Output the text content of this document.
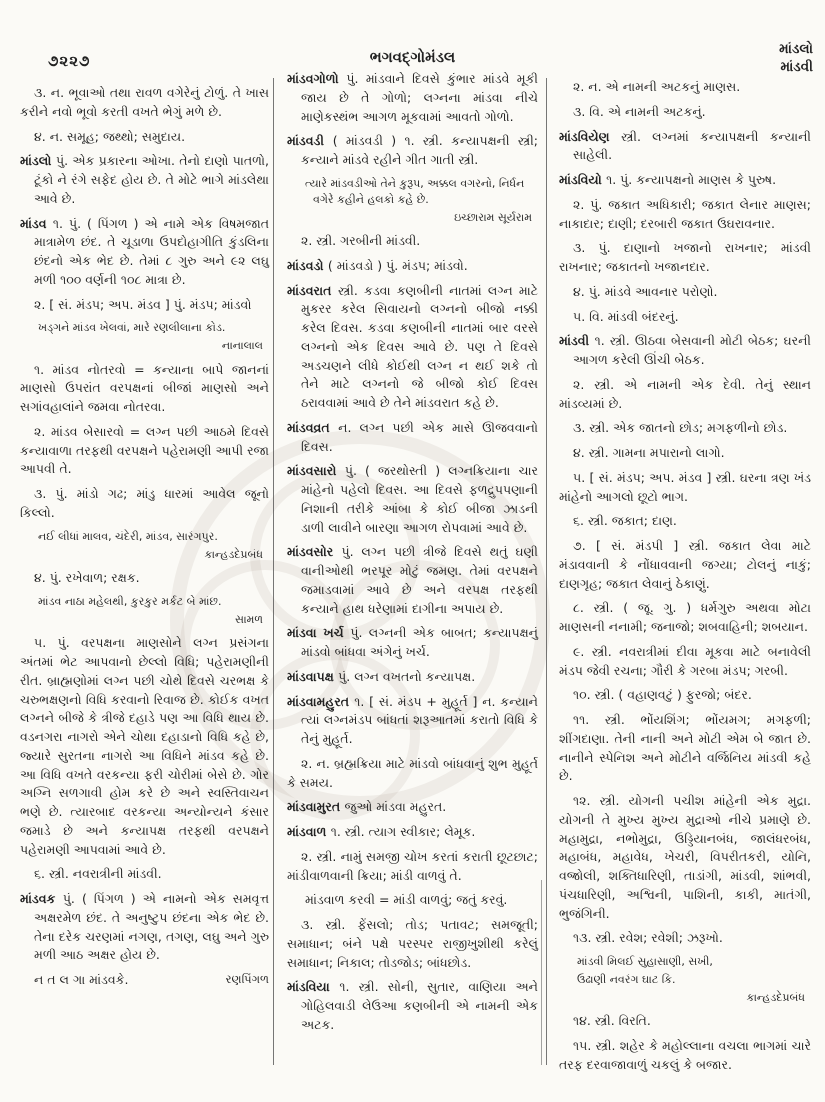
૭૨૨૭	ભગવદ્ગોમંડલ	માંડલો
માંડવી

૩. ન. ભૂવાઓ તથા રાવળ વગેરેનું ટોળું. તે ખાસ કરીને નવો ભૂવો કરતી વખતે ભેગું મળે છે.

૪. ન. સમૂહ; જથ્થો; સમુદાય.

માંડલો પું. એક પ્રકારના ઓખા. તેનો દાણો પાતળો, ટૂંકો ને રંગે સફેદ હોય છે. તે મોટે ભાગે માંડલેથા આવે છે.

માંડવ ૧. પું. ( પિંગળ ) એ નામે એક વિષમજાત માત્રામેળ છંદ. તે ચૂડાળા ઉપદોહાગીતિ કુંડલિના છંદનો એક ભેદ છે. તેમાં ૮ ગુરુ અને ૯૨ લઘુ મળી ૧૦૦ વર્ણની ૧૦૮ માત્રા છે.

૨. [ સં. મંડપ; અપ. મંડવ ] પું. મંડપ; માંડવો

ખડ્ગને માંડવ ખેલવાં, મારે રણલીલાના કોડ.

નાનાલાલ

૧. માંડવ નોતરવો = કન્યાના બાપે જાનનાં માણસો ઉપરાંત વરપક્ષનાં બીજાં માણસો અને સગાંવહાલાંને જમવા નોતરવા.

૨. માંડવ બેસારવો = લગ્ન પછી આઠમે દિવસે કન્યાવાળા તરફથી વરપક્ષને પહેરામણી આપી રજા આપવી તે.

૩. પું. માંડો ગઢ; માંડુ ધારમાં આવેલ જૂનો કિલ્લો.

નઈ લીધાં માલવ, ચંદેરી, માંડવ, સારંગપુર.

કાન્હડદેપ્રબંધ

૪. પું. રખેવાળ; રક્ષક.

માંડવ નાઠા મહેલથી, કુરકુર મર્કટ બે માંછ.

સામળ

૫. પું. વરપક્ષના માણસોને લગ્ન પ્રસંગના અંતમાં ભેટ આપવાનો છેલ્લો વિધિ; પહેરામણીની રીત. બ્રાહ્મણોમાં લગ્ન પછી ચોથે દિવસે ચરભક્ષ કે ચરુભક્ષણનો વિધિ કરવાનો રિવાજ છે. કોઈક વખત લગ્નને બીજે કે ત્રીજે દહાડે પણ આ વિધિ થાય છે. વડનગરા નાગરો એને ચોથા દહાડાનો વિધિ કહે છે, જ્યારે સુરતના નાગરો આ વિધિને માંડવ કહે છે. આ વિધિ વખતે વરકન્યા ફરી ચોરીમાં બેસે છે. ગોર અગ્નિ સળગાવી હોમ કરે છે અને સ્વસ્તિવાચન ભણે છે. ત્યારબાદ વરકન્યા અન્યોન્યને કંસાર જમાડે છે અને કન્યાપક્ષ તરફથી વરપક્ષને પહેરામણી આપવામાં આવે છે.

૬. સ્ત્રી. નવરાત્રીની માંડવી.

માંડવક પું. ( પિંગળ ) એ નામનો એક સમવૃત્ત અક્ષરમેળ છંદ. તે અનુષ્ટુપ છંદના એક ભેદ છે. તેના દરેક ચરણમાં નગણ, તગણ, લઘુ અને ગુરુ મળી આઠ અક્ષર હોય છે.

ન ત લ ગા માંડવકે.	રણપિંગળ

માંડવગોળો પું. માંડવાને દિવસે કુંભાર માંડવે મૂકી જાય છે તે ગોળો; લગ્નના માંડવા નીચે માણેકસ્થંભ આગળ મૂકવામાં આવતો ગોળો.

માંડવડી ( માંડવડી ) ૧. સ્ત્રી. કન્યાપક્ષની સ્ત્રી; કન્યાને માંડવે રહીને ગીત ગાતી સ્ત્રી.

ત્યારે માંડવડીઓ તેને કુરૂપ, અક્કલ વગરનો, નિર્ધન વગેરે કહીને હલકો કહે છે.

ઇચ્છારામ સૂર્યરામ

૨. સ્ત્રી. ગરબીની માંડવી.

માંડવડો ( માંડવડો ) પું. મંડપ; માંડવો.

માંડવરાત સ્ત્રી. કડવા કણબીની નાતમાં લગ્ન માટે મુકરર કરેલ સિવાયનો લગ્નનો બીજો નક્કી કરેલ દિવસ. કડવા કણબીની નાતમાં બાર વરસે લગ્નનો એક દિવસ આવે છે. પણ તે દિવસે અડચણને લીધે કોઈથી લગ્ન ન થઈ શકે તો તેને માટે લગ્નનો જે બીજો કોઈ દિવસ ઠરાવવામાં આવે છે તેને માંડવરાત કહે છે.

માંડવવ્રત ન. લગ્ન પછી એક માસે ઊજવવાનો દિવસ.

માંડવસારો પું. ( જરથોસ્તી ) લગ્નક્રિયાના ચાર માંહેનો પહેલો દિવસ. આ દિવસે ફળદ્રુપપણાની નિશાની તરીકે આંબા કે કોઈ બીજા ઝાડની ડાળી લાવીને બારણા આગળ રોપવામાં આવે છે.

માંડવસોર પું. લગ્ન પછી ત્રીજે દિવસે થતું ઘણી વાનીઓથી ભરપૂર મોટું જમણ. તેમાં વરપક્ષને જમાડવામાં આવે છે અને વરપક્ષ તરફથી કન્યાને હાથ ધરેણામાં દાગીના અપાય છે.

માંડવા ખર્ચ પું. લગ્નની એક બાબત; કન્યાપક્ષનું માંડવો બાંધવા અંગેનું ખર્ચ.

માંડવાપક્ષ પું. લગ્ન વખતનો કન્યાપક્ષ.

માંડવામહુરત ૧. [ સં. મંડપ + મુહૂર્ત ] ન. કન્યાને ત્યાં લગ્નમંડપ બાંધતાં શરૂઆતમાં કરાતો વિધિ કે તેનું મુહૂર્ત.

૨. ન. બ્રહ્મક્રિયા માટે માંડવો બાંધવાનું શુભ મુહૂર્ત કે સમય.

માંડવામુરત જુઓ માંડવા મહુરત.

માંડવાળ ૧. સ્ત્રી. ત્યાગ સ્વીકાર; લેમૂક.

૨. સ્ત્રી. નામું સમજી ચોખ કરતાં કરાતી છૂટછાટ; માંડીવાળવાની ક્રિયા; માંડી વાળવું તે.

માંડવાળ કરવી = માંડી વાળવું; જતું કરવું.

૩. સ્ત્રી. ફેંસલો; તોડ; પતાવટ; સમજૂતી; સમાધાન; બંને પક્ષે પરસ્પર રાજીખુશીથી કરેલું સમાધાન; નિકાલ; તોડજોડ; બાંધછોડ.

માંડવિયા ૧. સ્ત્રી. સોની, સુતાર, વાણિયા અને ગોહિલવાડી લેઉઆ કણબીની એ નામની એક અટક.

૨. ન. એ નામની અટકનું માણસ.

૩. વિ. એ નામની અટકનું.

માંડવિયેણ સ્ત્રી. લગ્નમાં કન્યાપક્ષની કન્યાની સાહેલી.

માંડવિયો ૧. પું. કન્યાપક્ષનો માણસ કે પુરુષ.

૨. પું. જકાત અધિકારી; જકાત લેનાર માણસ; નાકાદાર; દાણી; દરબારી જકાત ઉઘરાવનાર.

૩. પું. દાણાનો ખજાનો રાખનાર; માંડવી રાખનાર; જકાતનો ખજાનદાર.

૪. પું. માંડવે આવનાર પરોણો.

૫. વિ. માંડવી બંદરનું.

માંડવી ૧. સ્ત્રી. ઊઠવા બેસવાની મોટી બેઠક; ઘરની આગળ કરેલી ઊંચી બેઠક.

૨. સ્ત્રી. એ નામની એક દેવી. તેનું સ્થાન માંડવ્યમાં છે.

૩. સ્ત્રી. એક જાતનો છોડ; મગફળીનો છોડ.

૪. સ્ત્રી. ગામના મપારાનો લાગો.

૫. [ સં. મંડપ; અપ. મંડવ ] સ્ત્રી. ઘરના ત્રણ ખંડ માંહેનો આગલો છૂટો ભાગ.

૬. સ્ત્રી. જકાત; દાણ.

૭. [ સં. મંડપી ] સ્ત્રી. જકાત લેવા માટે મંડાવવાની કે નોંધાવવાની જગ્યા; ટોલનું નાકું; દાણગૃહ; જકાત લેવાનું ઠેકાણું.

૮. સ્ત્રી. ( જૂ. ગુ. ) ધર્મગુરુ અથવા મોટા માણસની નનામી; જનાજો; શબવાહિની; શબયાન.

૯. સ્ત્રી. નવરાત્રીમાં દીવા મૂકવા માટે બનાવેલી મંડપ જેવી રચના; ગૌરી કે ગરબા મંડપ; ગરબી.

૧૦. સ્ત્રી. ( વહાણવટું ) ફુરજો; બંદર.

૧૧. સ્ત્રી. ભોંયશિંગ; ભોંયમગ; મગફળી; શીંગદાણા. તેની નાની અને મોટી એમ બે જાત છે. નાનીને સ્પેનિશ અને મોટીને વર્જિનિય માંડવી કહે છે.

૧૨. સ્ત્રી. યોગની પચીશ માંહેની એક મુદ્રા. યોગની તે મુખ્ય મુખ્ય મુદ્રાઓ નીચે પ્રમાણે છે. મહામુદ્રા, નભોમુદ્રા, ઉડ્ડિયાનબંધ, જાલંધરબંધ, મહાબંધ, મહાવેધ, ખેચરી, વિપરીતકરી, યોનિ, વજ્રોલી, શક્તિધારિણી, તાડાંગી, માંડવી, શાંભવી, પંચધારિણી, અશ્વિની, પાશિની, કાકી, માતંગી, ભુજંગિની.

૧૩. સ્ત્રી. રવેશ; રવેશી; ઝરૂખો.

માંડવી મિલઈ સુહાસાણી, સખી,

ઉઢાણી નવરંગ ઘાટ કિ.

કાન્હડદેપ્રબંધ

૧૪. સ્ત્રી. વિરતિ.

૧૫. સ્ત્રી. શહેર કે મહોલ્લાના વચલા ભાગમાં ચારે તરફ દરવાજાવાળું ચકલું કે બજાર.
